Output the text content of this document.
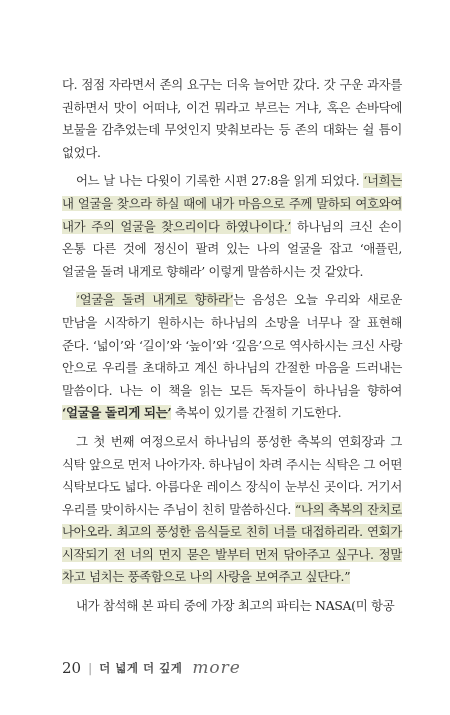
다. 점점 자라면서 존의 요구는 더욱 늘어만 갔다. 갓 구운 과자를 권하면서 맛이 어떠냐, 이건 뭐라고 부르는 거냐, 혹은 손바닥에 보물을 감추었는데 무엇인지 맞춰보라는 등 존의 대화는 쉴 틈이 없었다.

어느 날 나는 다윗이 기록한 시편 27:8을 읽게 되었다. ‘너희는 내 얼굴을 찾으라 하실 때에 내가 마음으로 주께 말하되 여호와여 내가 주의 얼굴을 찾으리이다 하였나이다.’ 하나님의 크신 손이 온통 다른 것에 정신이 팔려 있는 나의 얼굴을 잡고 ‘애플린, 얼굴을 돌려 내게로 향해라’ 이렇게 말씀하시는 것 같았다.

‘얼굴을 돌려 내게로 향하라’는 음성은 오늘 우리와 새로운 만남을 시작하기 원하시는 하나님의 소망을 너무나 잘 표현해 준다. ‘넓이’와 ‘길이’와 ‘높이’와 ‘깊음’으로 역사하시는 크신 사랑 안으로 우리를 초대하고 계신 하나님의 간절한 마음을 드러내는 말씀이다. 나는 이 책을 읽는 모든 독자들이 하나님을 향하여 ‘얼굴을 돌리게 되는’ 축복이 있기를 간절히 기도한다.

그 첫 번째 여정으로서 하나님의 풍성한 축복의 연회장과 그 식탁 앞으로 먼저 나아가자. 하나님이 차려 주시는 식탁은 그 어떤 식탁보다도 넓다. 아름다운 레이스 장식이 눈부신 곳이다. 거기서 우리를 맞이하시는 주님이 친히 말씀하신다. “나의 축복의 잔치로 나아오라. 최고의 풍성한 음식들로 친히 너를 대접하리라. 연회가 시작되기 전 너의 먼지 묻은 발부터 먼저 닦아주고 싶구나. 정말 차고 넘치는 풍족함으로 나의 사랑을 보여주고 싶단다.”

내가 참석해 본 파티 중에 가장 최고의 파티는 NASA(미 항공

20 | 더 넓게 더 깊게 more
